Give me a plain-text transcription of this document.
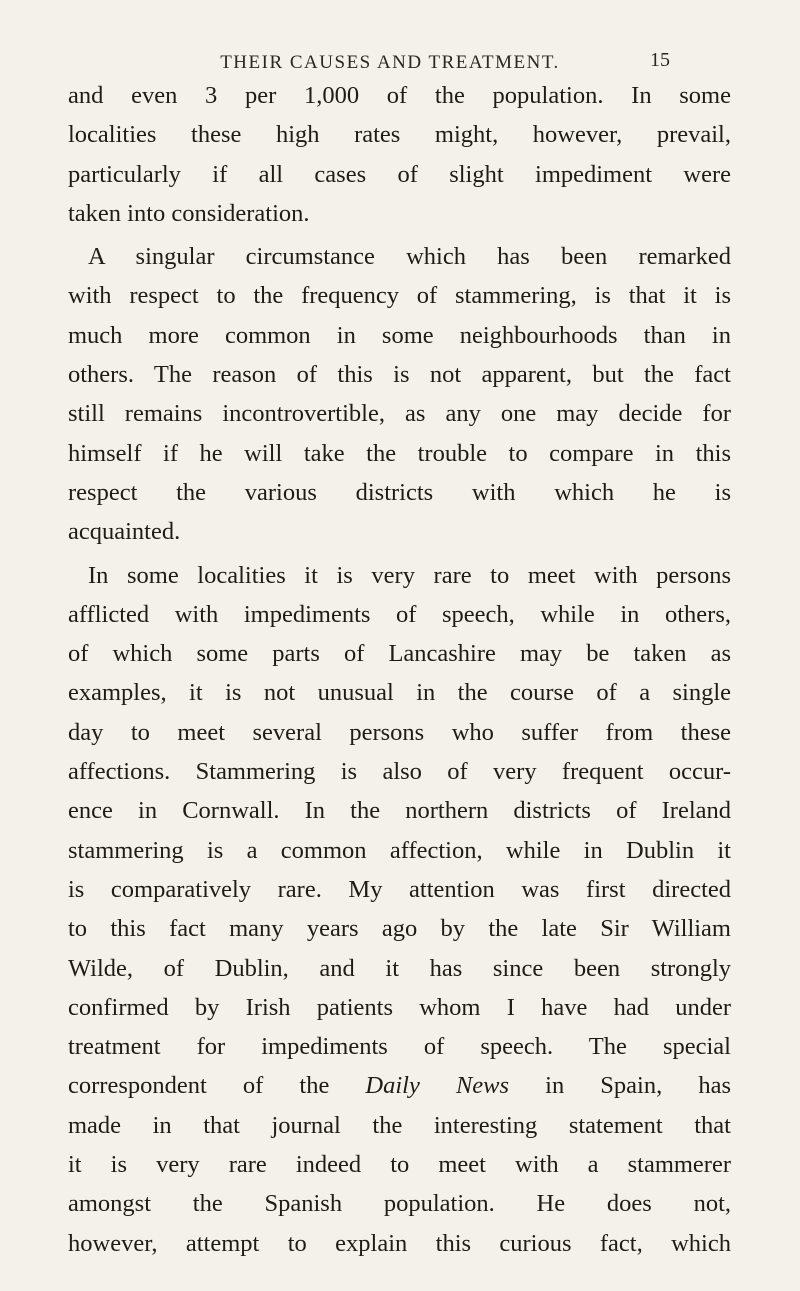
THEIR CAUSES AND TREATMENT.	15
and even 3 per 1,000 of the population. In some
localities these high rates might, however, prevail,
particularly if all cases of slight impediment were
taken into consideration.
A singular circumstance which has been remarked
with respect to the frequency of stammering, is that it is
much more common in some neighbourhoods than in
others. The reason of this is not apparent, but the fact
still remains incontrovertible, as any one may decide for
himself if he will take the trouble to compare in this
respect the various districts with which he is
acquainted.
In some localities it is very rare to meet with persons
afflicted with impediments of speech, while in others,
of which some parts of Lancashire may be taken as
examples, it is not unusual in the course of a single
day to meet several persons who suffer from these
affections. Stammering is also of very frequent occur-
ence in Cornwall. In the northern districts of Ireland
stammering is a common affection, while in Dublin it
is comparatively rare. My attention was first directed
to this fact many years ago by the late Sir William
Wilde, of Dublin, and it has since been strongly
confirmed by Irish patients whom I have had under
treatment for impediments of speech. The special
correspondent of the Daily News in Spain, has
made in that journal the interesting statement that
it is very rare indeed to meet with a stammerer
amongst the Spanish population. He does not,
however, attempt to explain this curious fact, which
